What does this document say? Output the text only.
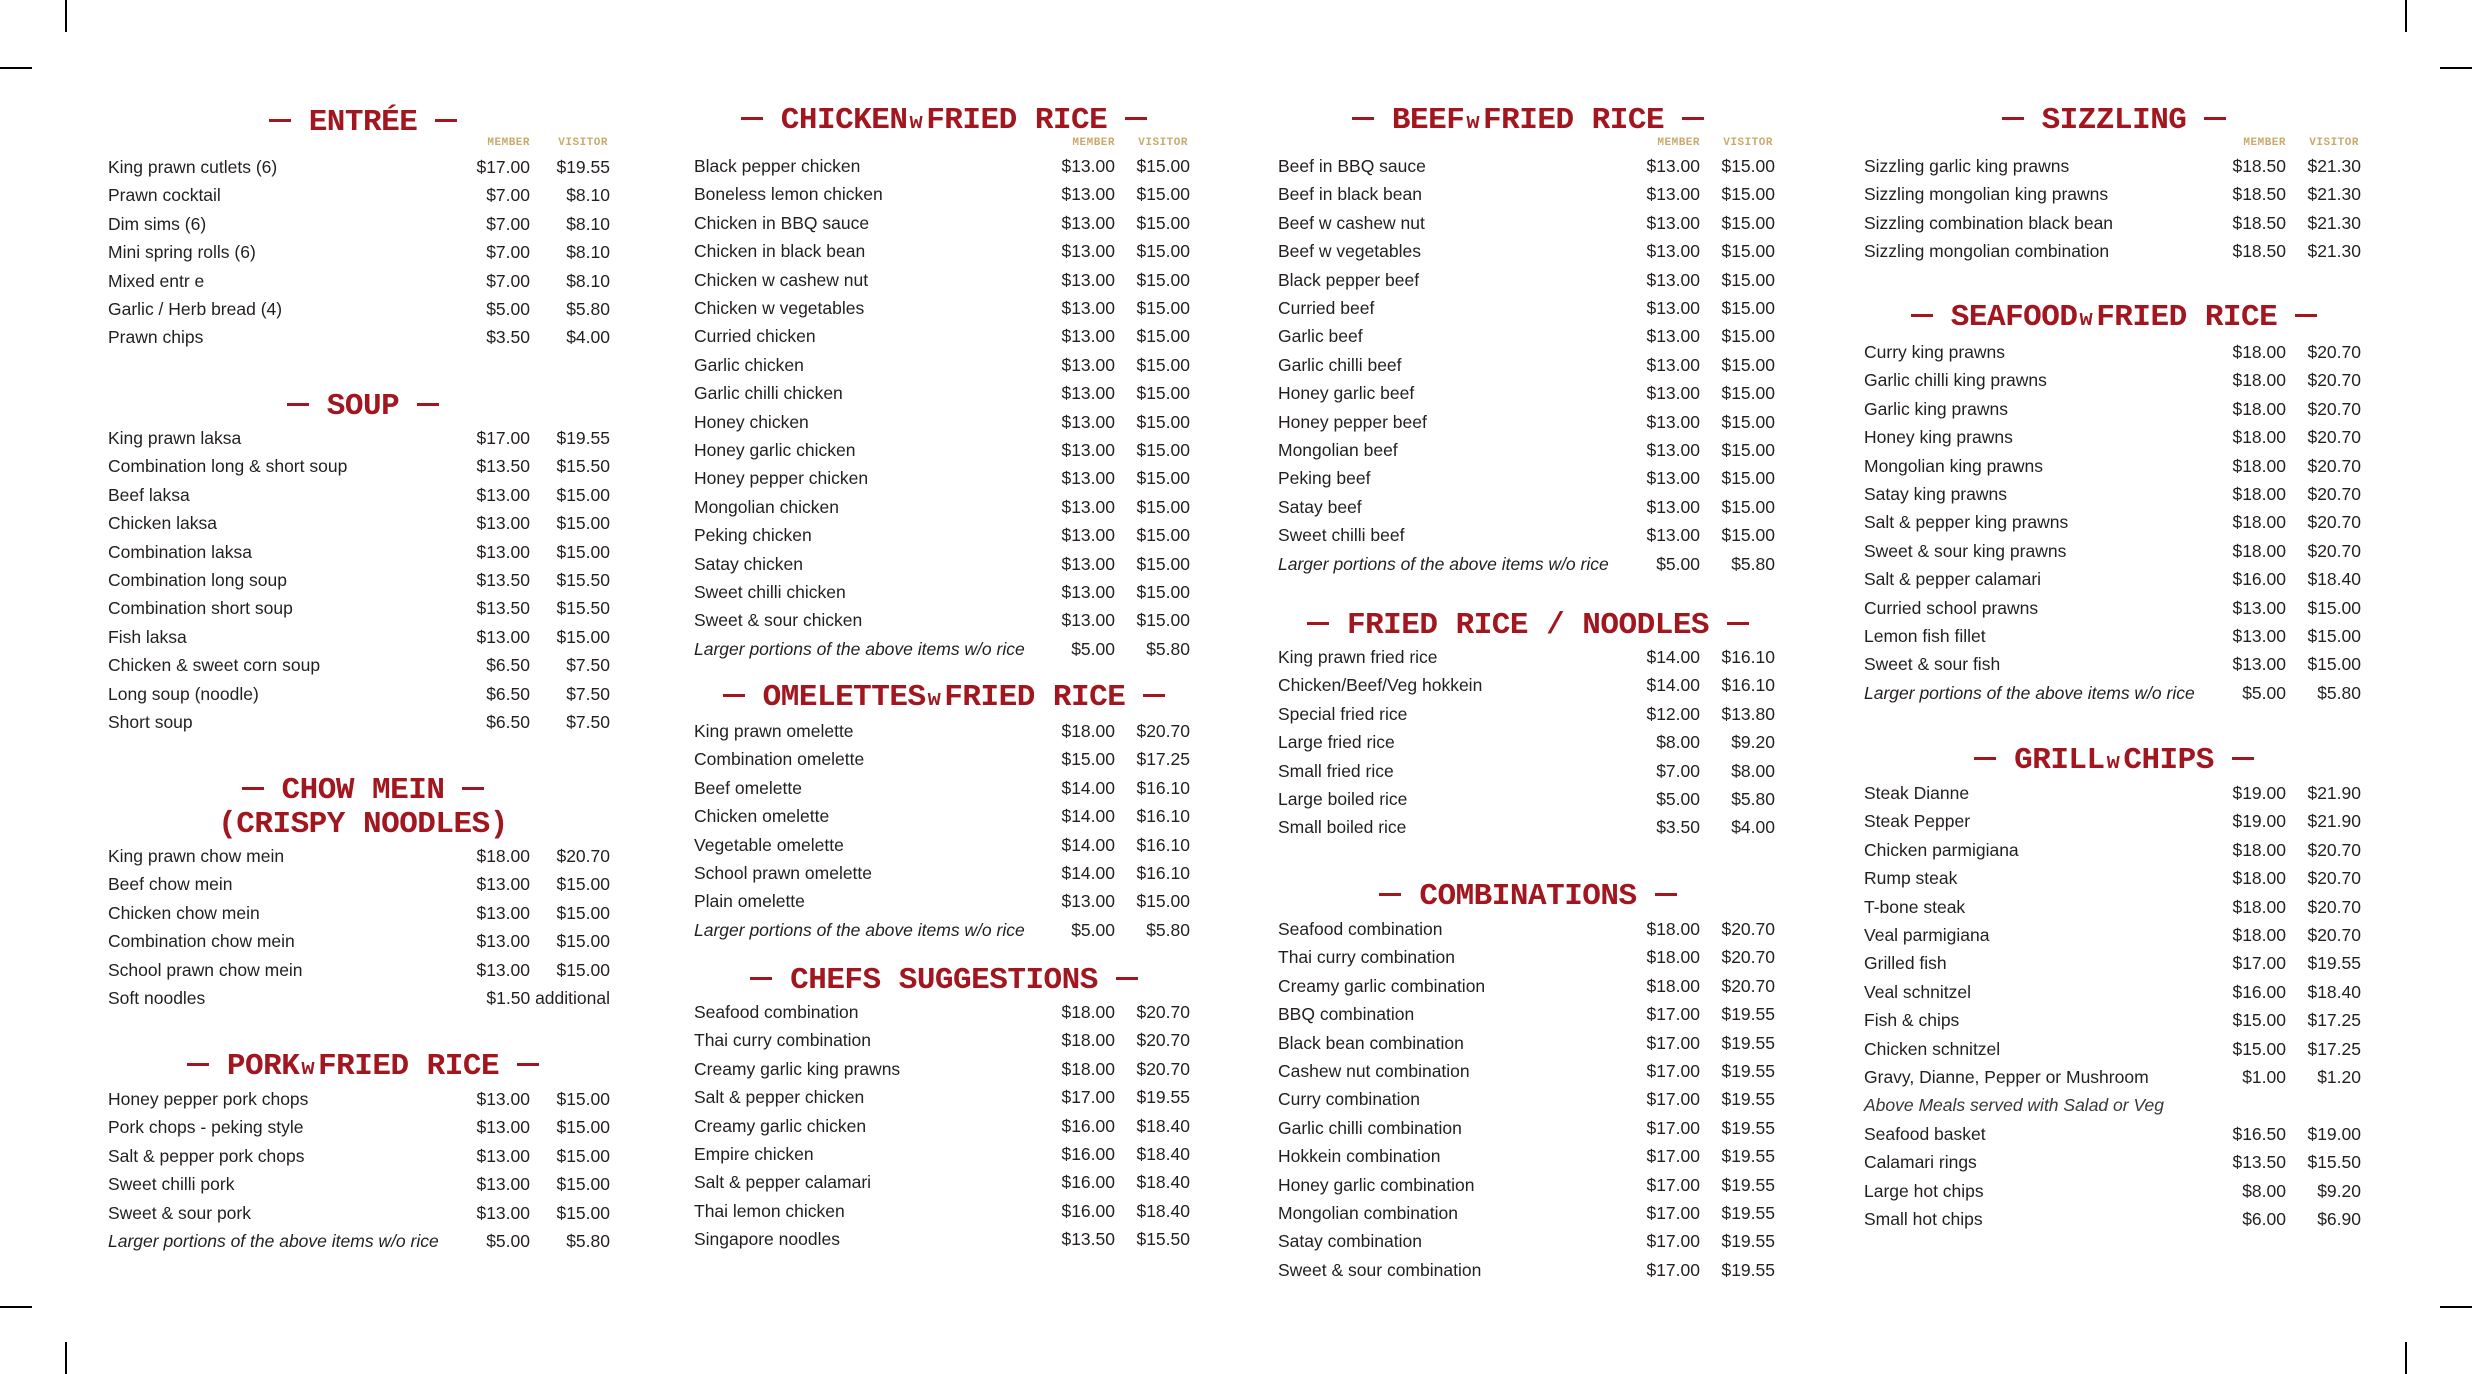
ENTRÉE
MEMBER	VISITOR
King prawn cutlets (6)	$17.00 $19.55
Prawn cocktail	$7.00 $8.10
Dim sims (6)	$7.00 $8.10
Mini spring rolls (6)	$7.00 $8.10
Mixed entr e	$7.00 $8.10
Garlic / Herb bread (4)	$5.00 $5.80
Prawn chips	$3.50 $4.00
SOUP
King prawn laksa	$17.00 $19.55
Combination long & short soup	$13.50 $15.50
Beef laksa	$13.00 $15.00
Chicken laksa	$13.00 $15.00
Combination laksa	$13.00 $15.00
Combination long soup	$13.50 $15.50
Combination short soup	$13.50 $15.50
Fish laksa	$13.00 $15.00
Chicken & sweet corn soup	$6.50 $7.50
Long soup (noodle)	$6.50 $7.50
Short soup	$6.50 $7.50
CHOW MEIN
(CRISPY NOODLES)
King prawn chow mein	$18.00 $20.70
Beef chow mein	$13.00 $15.00
Chicken chow mein	$13.00 $15.00
Combination chow mein	$13.00 $15.00
School prawn chow mein	$13.00 $15.00
Soft noodles	$1.50 additional
PORKw FRIED RICE
Honey pepper pork chops	$13.00 $15.00
Pork chops - peking style	$13.00 $15.00
Salt & pepper pork chops	$13.00 $15.00
Sweet chilli pork	$13.00 $15.00
Sweet & sour pork	$13.00 $15.00
Larger portions of the above items w/o rice	$5.00 $5.80
CHICKENw FRIED RICE
MEMBER VISITOR
Black pepper chicken	$13.00 $15.00
Boneless lemon chicken	$13.00 $15.00
Chicken in BBQ sauce	$13.00 $15.00
Chicken in black bean	$13.00 $15.00
Chicken w cashew nut	$13.00 $15.00
Chicken w vegetables	$13.00 $15.00
Curried chicken	$13.00 $15.00
Garlic chicken	$13.00 $15.00
Garlic chilli chicken	$13.00 $15.00
Honey chicken	$13.00 $15.00
Honey garlic chicken	$13.00 $15.00
Honey pepper chicken	$13.00 $15.00
Mongolian chicken	$13.00 $15.00
Peking chicken	$13.00 $15.00
Satay chicken	$13.00 $15.00
Sweet chilli chicken	$13.00 $15.00
Sweet & sour chicken	$13.00 $15.00
Larger portions of the above items w/o rice	$5.00 $5.80
OMELETTESw FRIED RICE
King prawn omelette	$18.00 $20.70
Combination omelette	$15.00 $17.25
Beef omelette	$14.00 $16.10
Chicken omelette	$14.00 $16.10
Vegetable omelette	$14.00 $16.10
School prawn omelette	$14.00 $16.10
Plain omelette	$13.00 $15.00
Larger portions of the above items w/o rice	$5.00 $5.80
CHEFS SUGGESTIONS
Seafood combination	$18.00 $20.70
Thai curry combination	$18.00 $20.70
Creamy garlic king prawns	$18.00 $20.70
Salt & pepper chicken	$17.00 $19.55
Creamy garlic chicken	$16.00 $18.40
Empire chicken	$16.00 $18.40
Salt & pepper calamari	$16.00 $18.40
Thai lemon chicken	$16.00 $18.40
Singapore noodles	$13.50 $15.50
BEEFw FRIED RICE
MEMBER VISITOR
Beef in BBQ sauce	$13.00 $15.00
Beef in black bean	$13.00 $15.00
Beef w cashew nut	$13.00 $15.00
Beef w vegetables	$13.00 $15.00
Black pepper beef	$13.00 $15.00
Curried beef	$13.00 $15.00
Garlic beef	$13.00 $15.00
Garlic chilli beef	$13.00 $15.00
Honey garlic beef	$13.00 $15.00
Honey pepper beef	$13.00 $15.00
Mongolian beef	$13.00 $15.00
Peking beef	$13.00 $15.00
Satay beef	$13.00 $15.00
Sweet chilli beef	$13.00 $15.00
Larger portions of the above items w/o rice	$5.00 $5.80
FRIED RICE / NOODLES
King prawn fried rice	$14.00 $16.10
Chicken/Beef/Veg hokkein	$14.00 $16.10
Special fried rice	$12.00 $13.80
Large fried rice	$8.00 $9.20
Small fried rice	$7.00 $8.00
Large boiled rice	$5.00 $5.80
Small boiled rice	$3.50 $4.00
COMBINATIONS
Seafood combination	$18.00 $20.70
Thai curry combination	$18.00 $20.70
Creamy garlic combination	$18.00 $20.70
BBQ combination	$17.00 $19.55
Black bean combination	$17.00 $19.55
Cashew nut combination	$17.00 $19.55
Curry combination	$17.00 $19.55
Garlic chilli combination	$17.00 $19.55
Hokkein combination	$17.00 $19.55
Honey garlic combination	$17.00 $19.55
Mongolian combination	$17.00 $19.55
Satay combination	$17.00 $19.55
Sweet & sour combination	$17.00 $19.55
SIZZLING
MEMBER VISITOR
Sizzling garlic king prawns	$18.50 $21.30
Sizzling mongolian king prawns	$18.50 $21.30
Sizzling combination black bean	$18.50 $21.30
Sizzling mongolian combination	$18.50 $21.30
SEAFOODw FRIED RICE
Curry king prawns	$18.00 $20.70
Garlic chilli king prawns	$18.00 $20.70
Garlic king prawns	$18.00 $20.70
Honey king prawns	$18.00 $20.70
Mongolian king prawns	$18.00 $20.70
Satay king prawns	$18.00 $20.70
Salt & pepper king prawns	$18.00 $20.70
Sweet & sour king prawns	$18.00 $20.70
Salt & pepper calamari	$16.00 $18.40
Curried school prawns	$13.00 $15.00
Lemon fish fillet	$13.00 $15.00
Sweet & sour fish	$13.00 $15.00
Larger portions of the above items w/o rice	$5.00 $5.80
GRILLw CHIPS
Steak Dianne	$19.00 $21.90
Steak Pepper	$19.00 $21.90
Chicken parmigiana	$18.00 $20.70
Rump steak	$18.00 $20.70
T-bone steak	$18.00 $20.70
Veal parmigiana	$18.00 $20.70
Grilled fish	$17.00 $19.55
Veal schnitzel	$16.00 $18.40
Fish & chips	$15.00 $17.25
Chicken schnitzel	$15.00 $17.25
Gravy, Dianne, Pepper or Mushroom	$1.00 $1.20
Above Meals served with Salad or Veg
Seafood basket	$16.50 $19.00
Calamari rings	$13.50 $15.50
Large hot chips	$8.00 $9.20
Small hot chips	$6.00 $6.90
